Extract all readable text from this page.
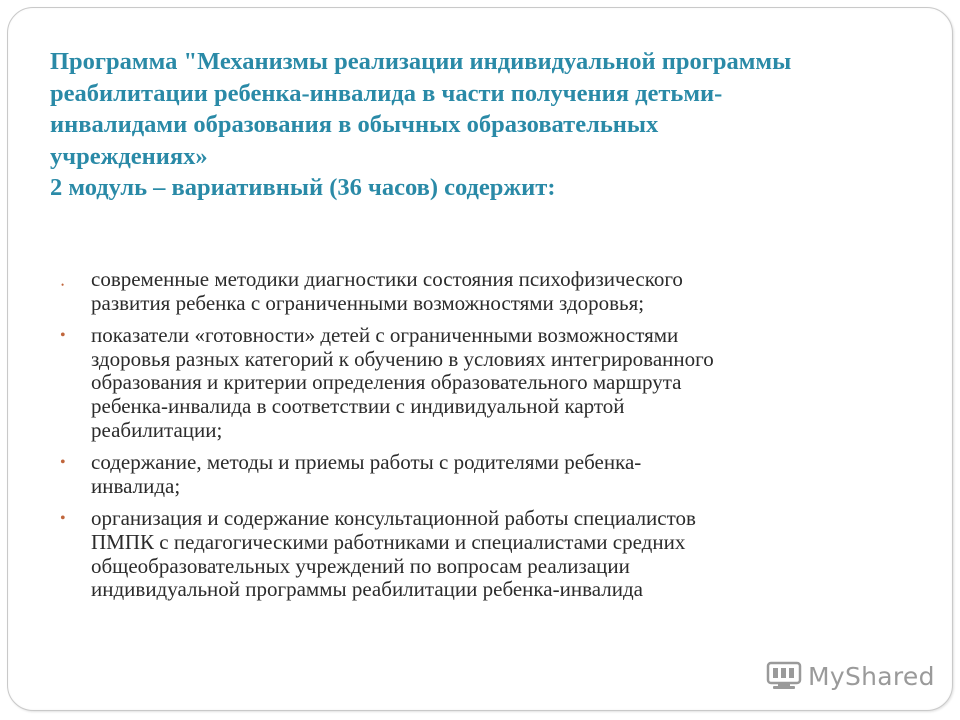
Программа "Механизмы реализации индивидуальной программы
реабилитации ребенка-инвалида в части получения детьми-
инвалидами образования в обычных образовательных
учреждениях»
2 модуль – вариативный (36 часов) содержит:
• современные методики диагностики состояния психофизического
развития ребенка с ограниченными возможностями здоровья;
• показатели «готовности» детей с ограниченными возможностями
здоровья разных категорий к обучению в условиях интегрированного
образования и критерии определения образовательного маршрута
ребенка-инвалида в соответствии с индивидуальной картой
реабилитации;
• содержание, методы и приемы работы с родителями ребенка-
инвалида;
• организация и содержание консультационной работы специалистов
ПМПК с педагогическими работниками и специалистами средних
общеобразовательных учреждений по вопросам реализации
индивидуальной программы реабилитации ребенка-инвалида
MyShared
